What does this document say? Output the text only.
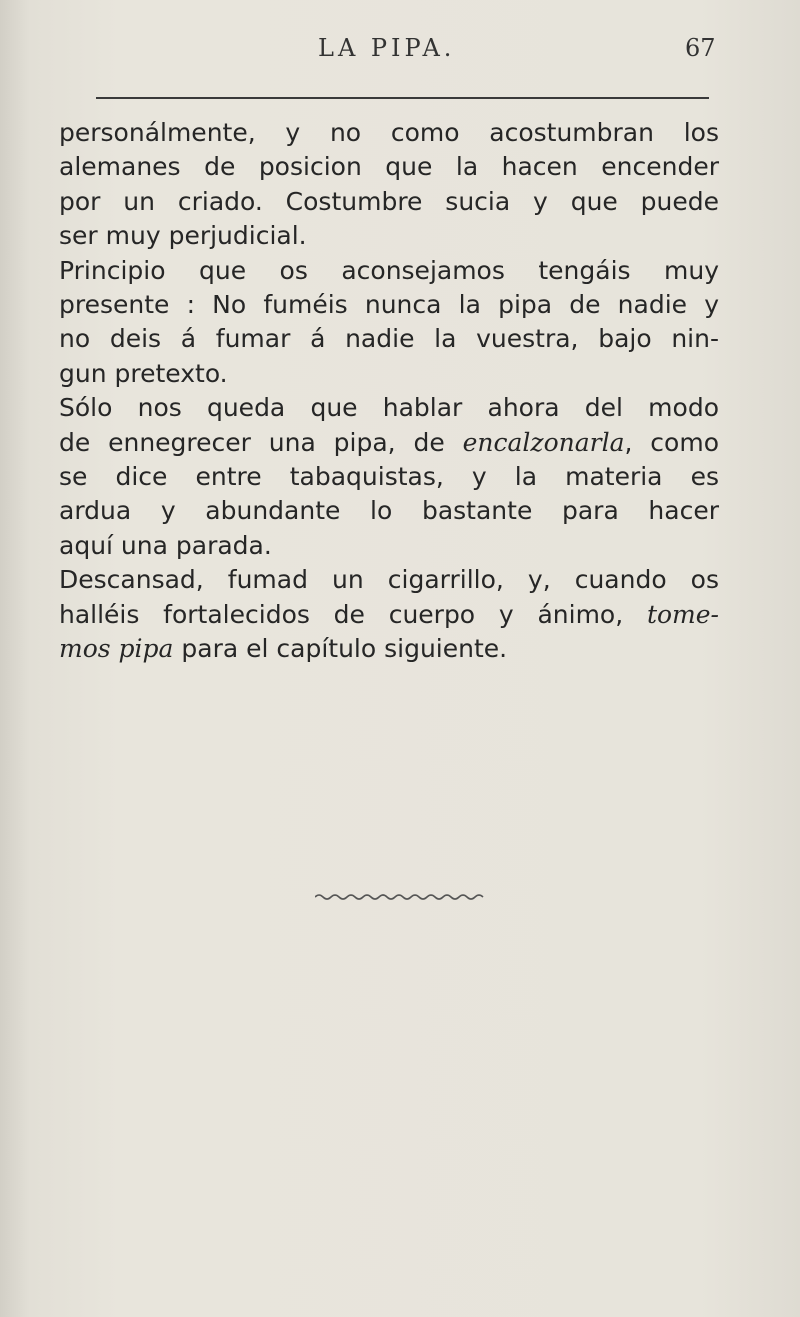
LA PIPA.	67
personálmente, y no como acostumbran los
alemanes de posicion que la hacen encender
por un criado. Costumbre sucia y que puede
ser muy perjudicial.
Principio que os aconsejamos tengáis muy
presente : No fuméis nunca la pipa de nadie y
no deis á fumar á nadie la vuestra, bajo nin-
gun pretexto.
Sólo nos queda que hablar ahora del modo
de ennegrecer una pipa, de encalzonarla, como
se dice entre tabaquistas, y la materia es
ardua y abundante lo bastante para hacer
aquí una parada.
Descansad, fumad un cigarrillo, y, cuando os
halléis fortalecidos de cuerpo y ánimo, tome-
mos pipa para el capítulo siguiente.
